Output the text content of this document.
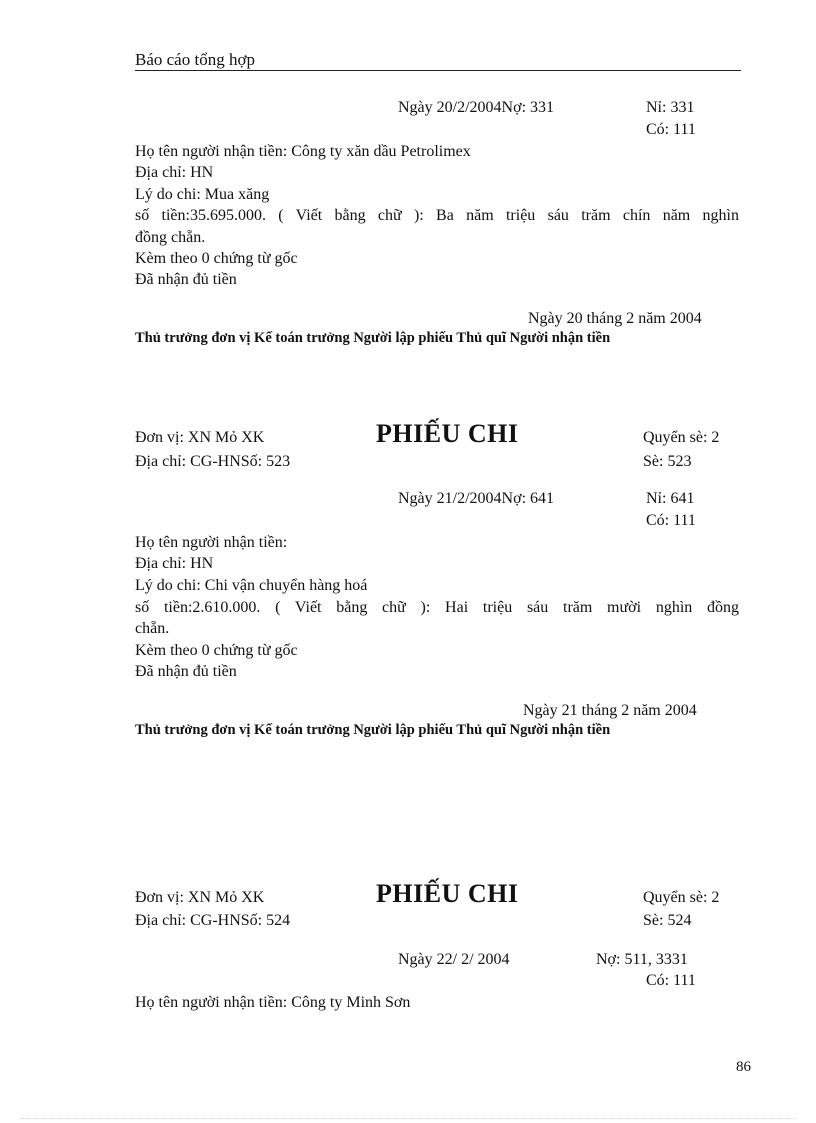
Báo cáo tổng hợp
Ngày 20/2/2004Nợ: 331	Nỉ: 331
Có: 111
Họ tên người nhận tiền: Công ty xăn dầu Petrolimex
Địa chỉ: HN
Lý do chi: Mua xăng
số tiền:35.695.000. ( Viết bằng chữ ): Ba năm triệu sáu trăm chín năm nghìn
đồng chẵn.
Kèm theo 0 chứng từ gốc
Đã nhận đủ tiền
Ngày 20 tháng 2 năm 2004
Thủ trưởng đơn vị Kế toán trưởng Người lập phiếu Thủ quĩ Người nhận tiền
Đơn vị: XN Mỏ XK	PHIẾU CHI	Quyển sè: 2
Địa chỉ: CG-HNSố: 523	Sè: 523
Ngày 21/2/2004Nợ: 641	Nỉ: 641
Có: 111
Họ tên người nhận tiền:
Địa chỉ: HN
Lý do chi: Chi vận chuyển hàng hoá
số tiền:2.610.000. ( Viết bằng chữ ): Hai triệu sáu trăm mười nghìn đồng
chẵn.
Kèm theo 0 chứng từ gốc
Đã nhận đủ tiền
Ngày 21 tháng 2 năm 2004
Thủ trưởng đơn vị Kế toán trưởng Người lập phiếu Thủ quĩ Người nhận tiền
Đơn vị: XN Mỏ XK	PHIẾU CHI	Quyển sè: 2
Địa chỉ: CG-HNSố: 524	Sè: 524
Ngày 22/ 2/ 2004	Nợ: 511, 3331
Có: 111
Họ tên người nhận tiền: Công ty Minh Sơn
86
